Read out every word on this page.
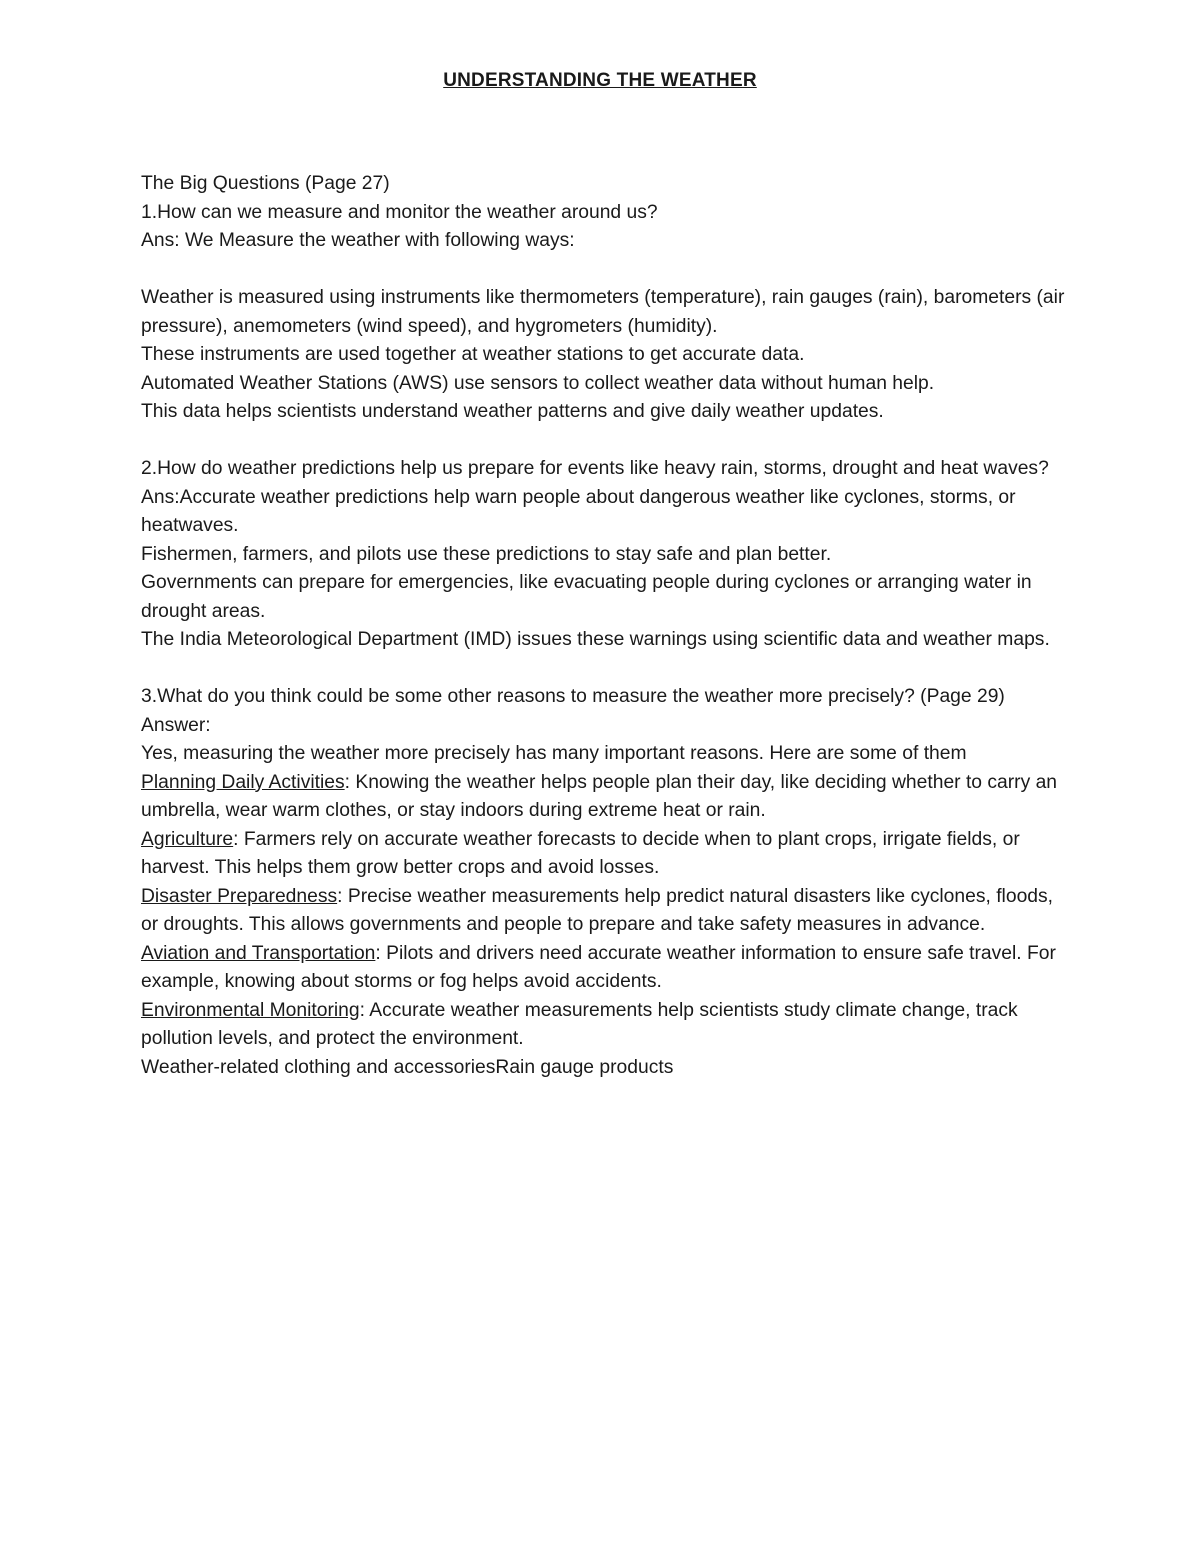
UNDERSTANDING THE WEATHER

The Big Questions (Page 27)

1.How can we measure and monitor the weather around us?

Ans: We Measure the weather with following ways:

Weather is measured using instruments like thermometers (temperature), rain gauges (rain), barometers (air pressure), anemometers (wind speed), and hygrometers (humidity).

These instruments are used together at weather stations to get accurate data.

Automated Weather Stations (AWS) use sensors to collect weather data without human help.

This data helps scientists understand weather patterns and give daily weather updates.

2.How do weather predictions help us prepare for events like heavy rain, storms, drought and heat waves?

Ans:Accurate weather predictions help warn people about dangerous weather like cyclones, storms, or heatwaves.

Fishermen, farmers, and pilots use these predictions to stay safe and plan better.

Governments can prepare for emergencies, like evacuating people during cyclones or arranging water in drought areas.

The India Meteorological Department (IMD) issues these warnings using scientific data and weather maps.

3.What do you think could be some other reasons to measure the weather more precisely? (Page 29)

Answer:

Yes, measuring the weather more precisely has many important reasons. Here are some of them

Planning Daily Activities: Knowing the weather helps people plan their day, like deciding whether to carry an umbrella, wear warm clothes, or stay indoors during extreme heat or rain.

Agriculture: Farmers rely on accurate weather forecasts to decide when to plant crops, irrigate fields, or harvest. This helps them grow better crops and avoid losses.

Disaster Preparedness: Precise weather measurements help predict natural disasters like cyclones, floods, or droughts. This allows governments and people to prepare and take safety measures in advance.

Aviation and Transportation: Pilots and drivers need accurate weather information to ensure safe travel. For example, knowing about storms or fog helps avoid accidents.

Environmental Monitoring: Accurate weather measurements help scientists study climate change, track pollution levels, and protect the environment.

Weather-related clothing and accessoriesRain gauge products
